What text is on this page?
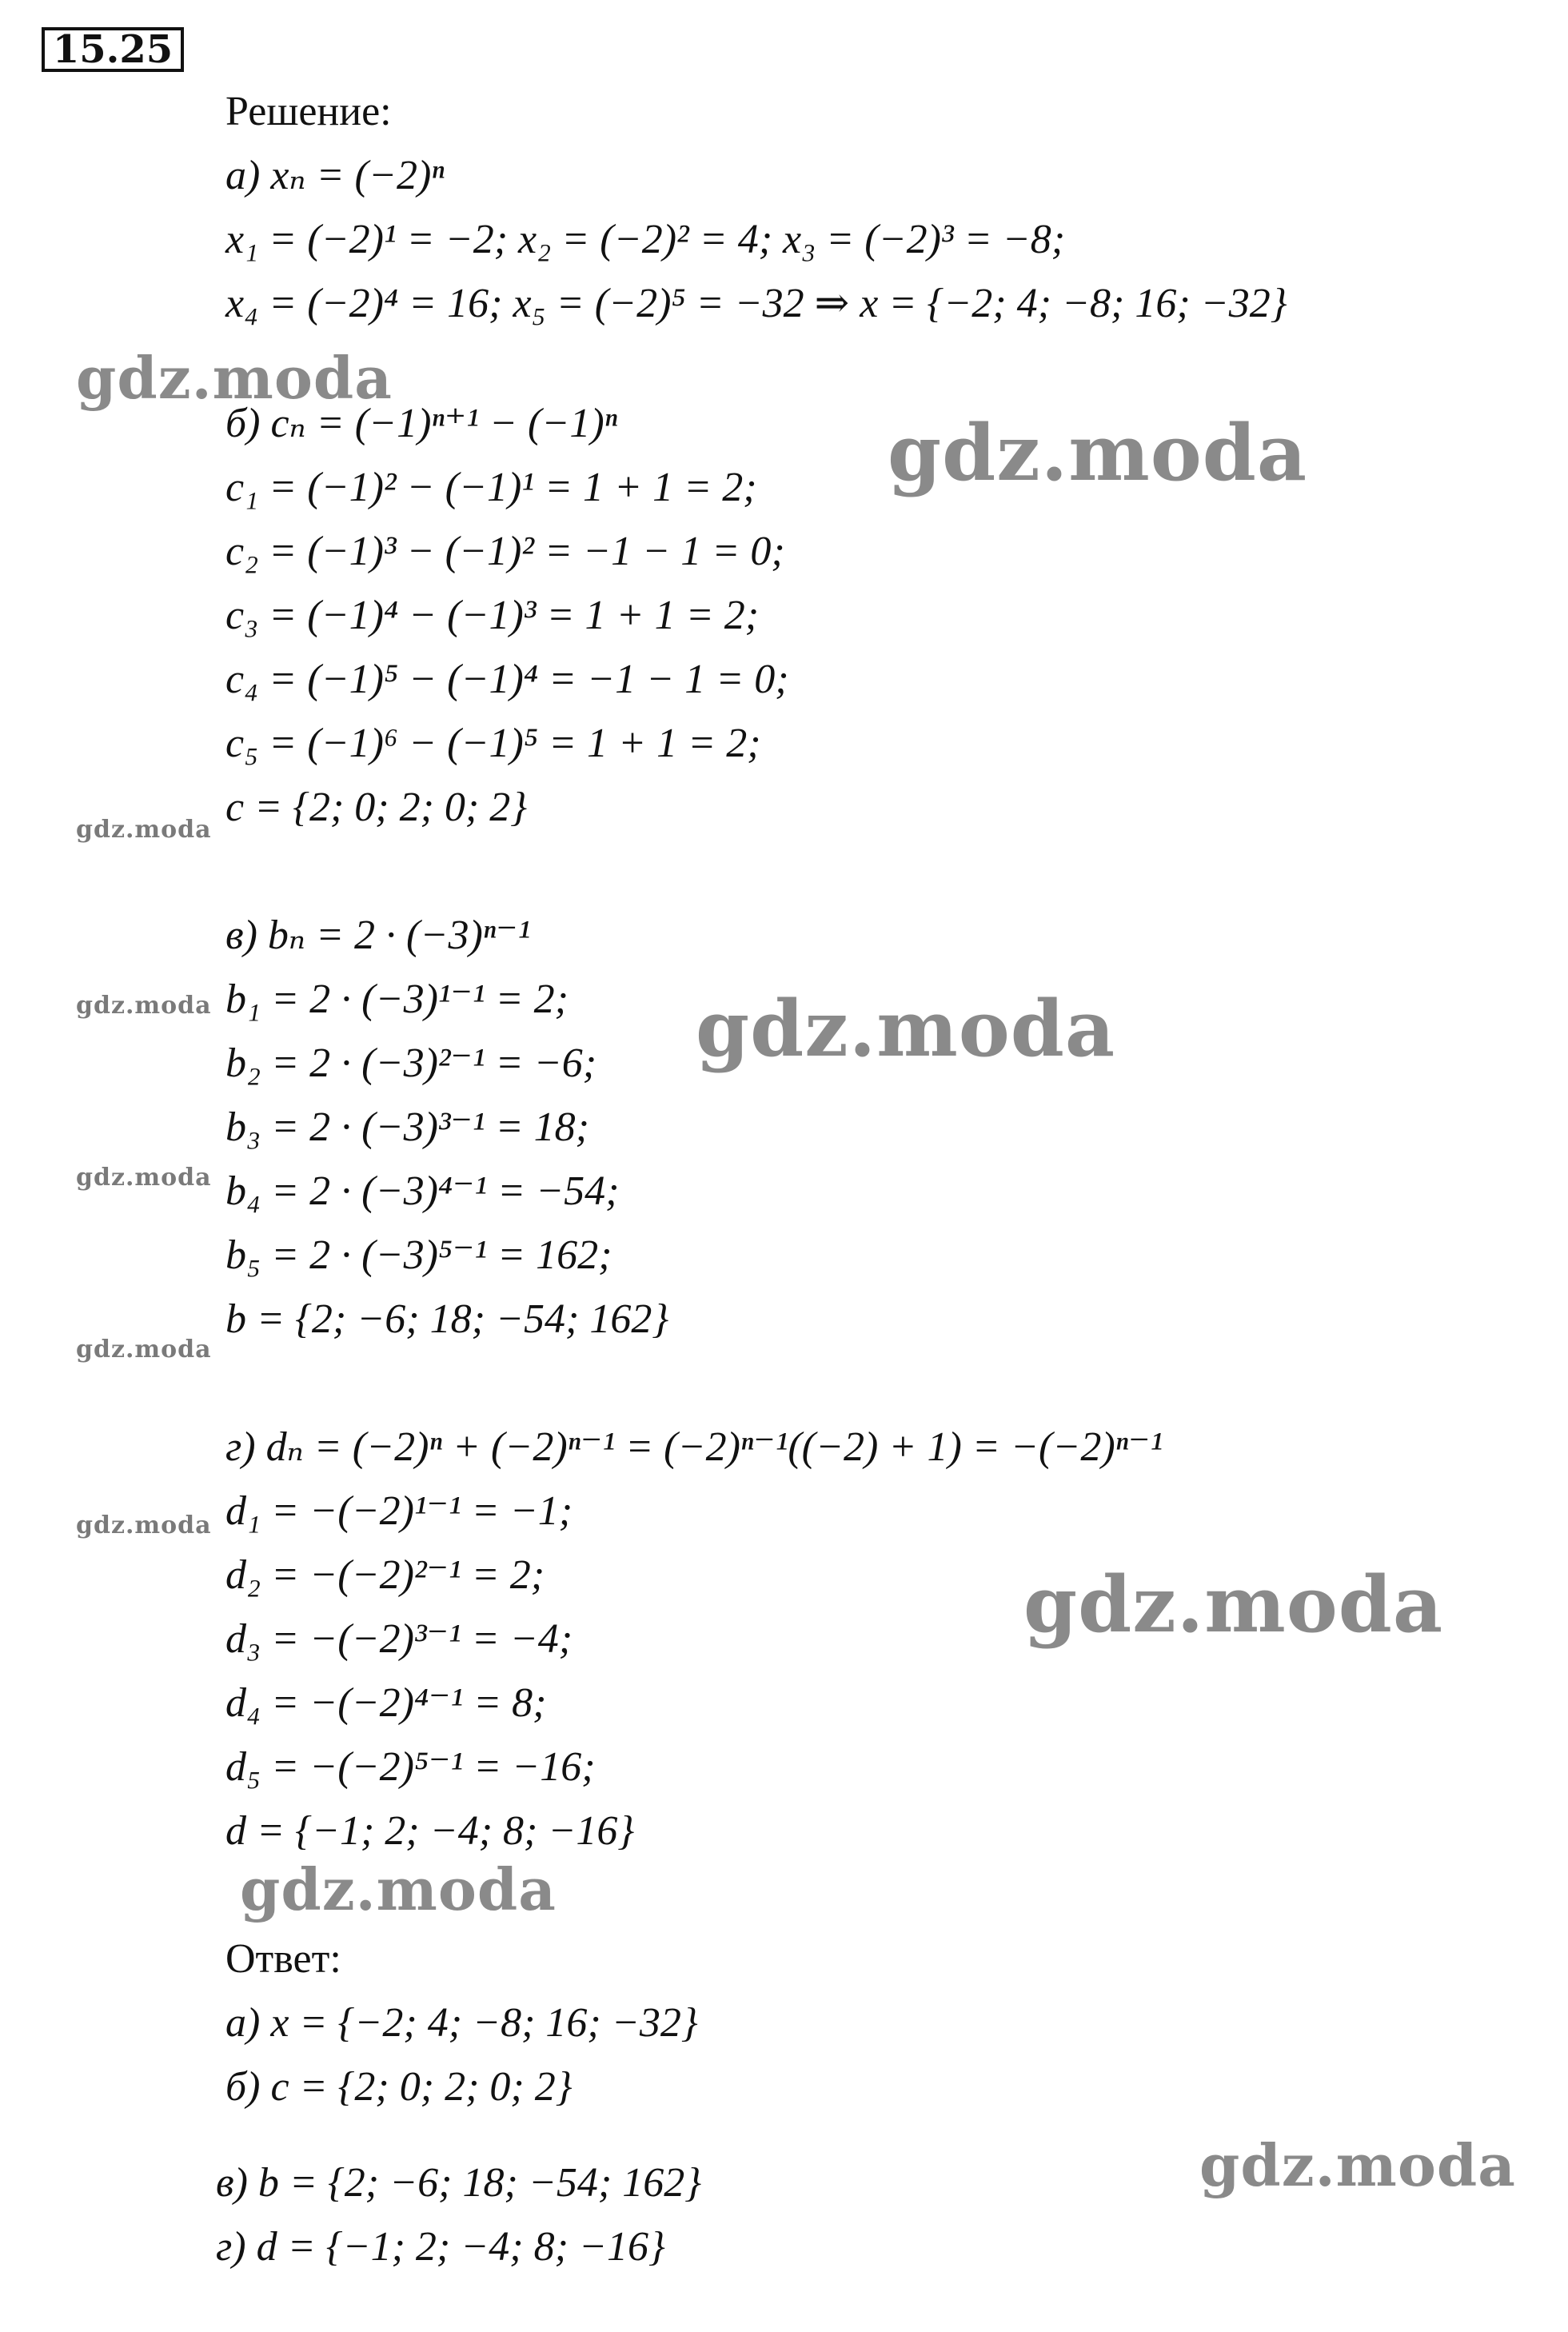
15.25
Решение:
а) xₙ = (−2)ⁿ
x₁ = (−2)¹ = −2; x₂ = (−2)² = 4; x₃ = (−2)³ = −8;
x₄ = (−2)⁴ = 16; x₅ = (−2)⁵ = −32 ⇒ x = {−2; 4; −8; 16; −32}
б) cₙ = (−1)ⁿ⁺¹ − (−1)ⁿ
c₁ = (−1)² − (−1)¹ = 1 + 1 = 2;
c₂ = (−1)³ − (−1)² = −1 − 1 = 0;
c₃ = (−1)⁴ − (−1)³ = 1 + 1 = 2;
c₄ = (−1)⁵ − (−1)⁴ = −1 − 1 = 0;
c₅ = (−1)⁶ − (−1)⁵ = 1 + 1 = 2;
c = {2; 0; 2; 0; 2}
в) bₙ = 2 · (−3)ⁿ⁻¹
b₁ = 2 · (−3)¹⁻¹ = 2;
b₂ = 2 · (−3)²⁻¹ = −6;
b₃ = 2 · (−3)³⁻¹ = 18;
b₄ = 2 · (−3)⁴⁻¹ = −54;
b₅ = 2 · (−3)⁵⁻¹ = 162;
b = {2; −6; 18; −54; 162}
г) dₙ = (−2)ⁿ + (−2)ⁿ⁻¹ = (−2)ⁿ⁻¹((−2) + 1) = −(−2)ⁿ⁻¹
d₁ = −(−2)¹⁻¹ = −1;
d₂ = −(−2)²⁻¹ = 2;
d₃ = −(−2)³⁻¹ = −4;
d₄ = −(−2)⁴⁻¹ = 8;
d₅ = −(−2)⁵⁻¹ = −16;
d = {−1; 2; −4; 8; −16}
Ответ:
а) x = {−2; 4; −8; 16; −32}
б) c = {2; 0; 2; 0; 2}
в) b = {2; −6; 18; −54; 162}
г) d = {−1; 2; −4; 8; −16}
gdz.moda
gdz.moda
gdz.moda
gdz.moda	gdz.moda
gdz.moda
gdz.moda
gdz.moda
gdz.moda
gdz.moda
gdz.moda
